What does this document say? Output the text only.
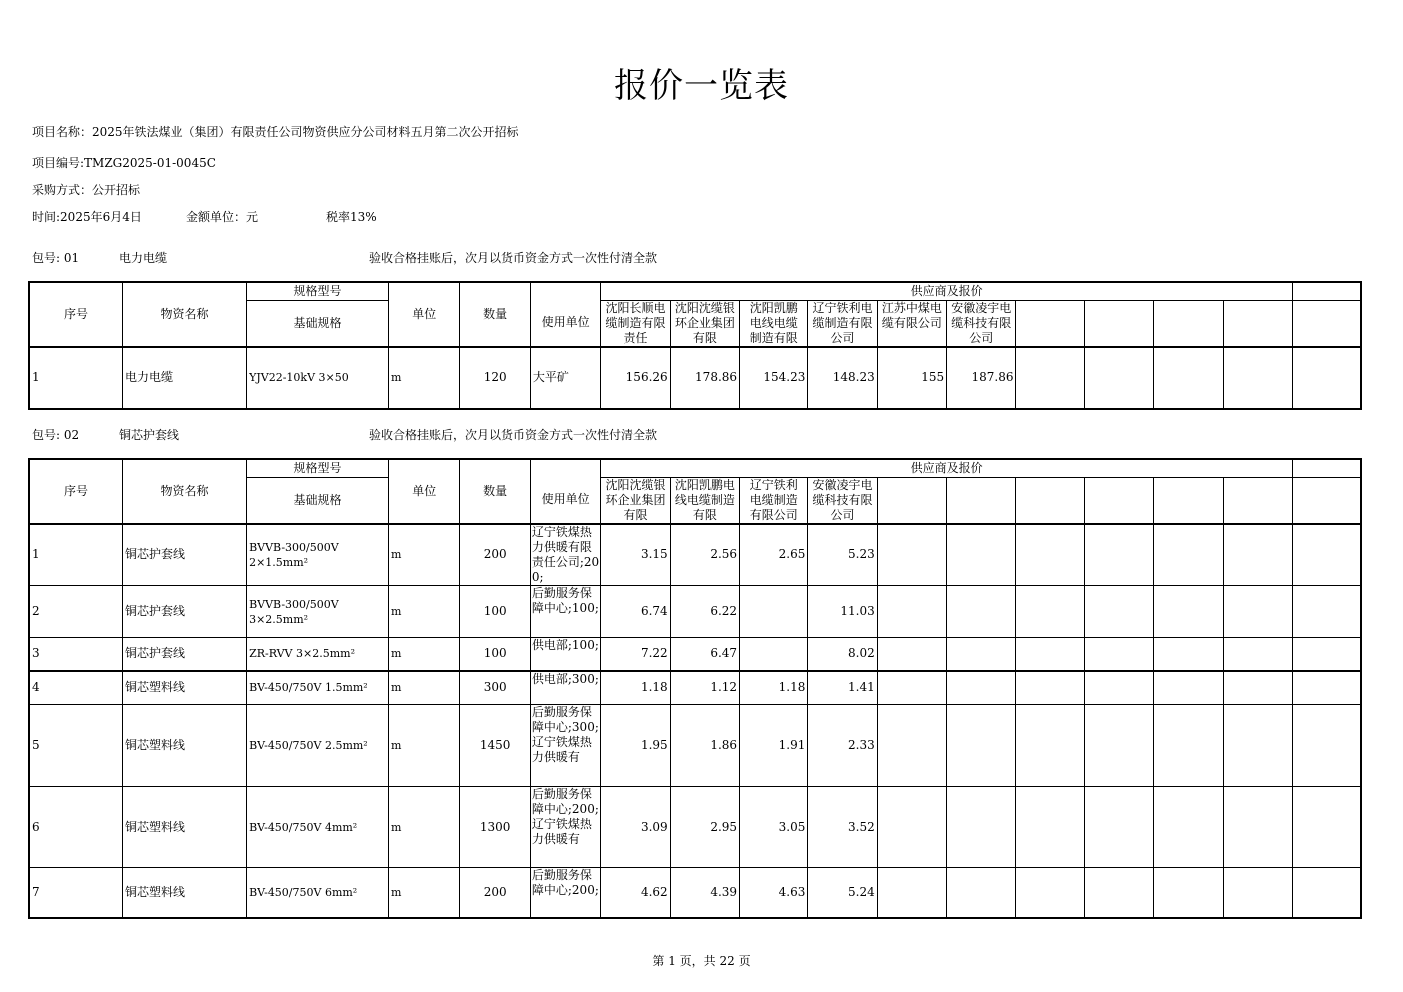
报价一览表
项目名称：2025年铁法煤业（集团）有限责任公司物资供应分公司材料五月第二次公开招标
项目编号:TMZG2025-01-0045C
采购方式：公开招标
时间:2025年6月4日	金额单位：元	税率13%
包号: 01	电力电缆	验收合格挂账后，次月以货币资金方式一次性付清全款
序号	物资名称	规格型号	单位	数量		供应商及报价										
		基础规格			使用单位	沈阳长顺电缆制造有限责任	沈阳沈缆银环企业集团有限	沈阳凯鹏电线电缆制造有限	辽宁铁利电缆制造有限公司	江苏中煤电缆有限公司	安徽凌宇电缆科技有限公司					

1	电力电缆	YJV22-10kV 3×50	m	120	大平矿	156.26	178.86	154.23	148.23	155	187.86					
包号: 02	铜芯护套线	验收合格挂账后，次月以货币资金方式一次性付清全款
序号	物资名称	规格型号	单位	数量		供应商及报价										
		基础规格			使用单位	沈阳沈缆银环企业集团有限	沈阳凯鹏电线电缆制造有限	辽宁铁利电缆制造有限公司	安徽凌宇电缆科技有限公司							

1	铜芯护套线	BVVB-300/500V 2×1.5mm²	m	200	辽宁铁煤热力供暖有限责任公司;200;	3.15	2.56	2.65	5.23							
2	铜芯护套线	BVVB-300/500V 3×2.5mm²	m	100	后勤服务保障中心;100;	6.74	6.22		11.03							
3	铜芯护套线	ZR-RVV 3×2.5mm²	m	100	供电部;100;	7.22	6.47		8.02							
4	铜芯塑料线	BV-450/750V 1.5mm²	m	300	供电部;300;	1.18	1.12	1.18	1.41							
5	铜芯塑料线	BV-450/750V 2.5mm²	m	1450	后勤服务保障中心;300;辽宁铁煤热力供暖有	1.95	1.86	1.91	2.33							
6	铜芯塑料线	BV-450/750V 4mm²	m	1300	后勤服务保障中心;200;辽宁铁煤热力供暖有	3.09	2.95	3.05	3.52							
7	铜芯塑料线	BV-450/750V 6mm²	m	200	后勤服务保障中心;200;	4.62	4.39	4.63	5.24							
第 1 页，共 22 页
